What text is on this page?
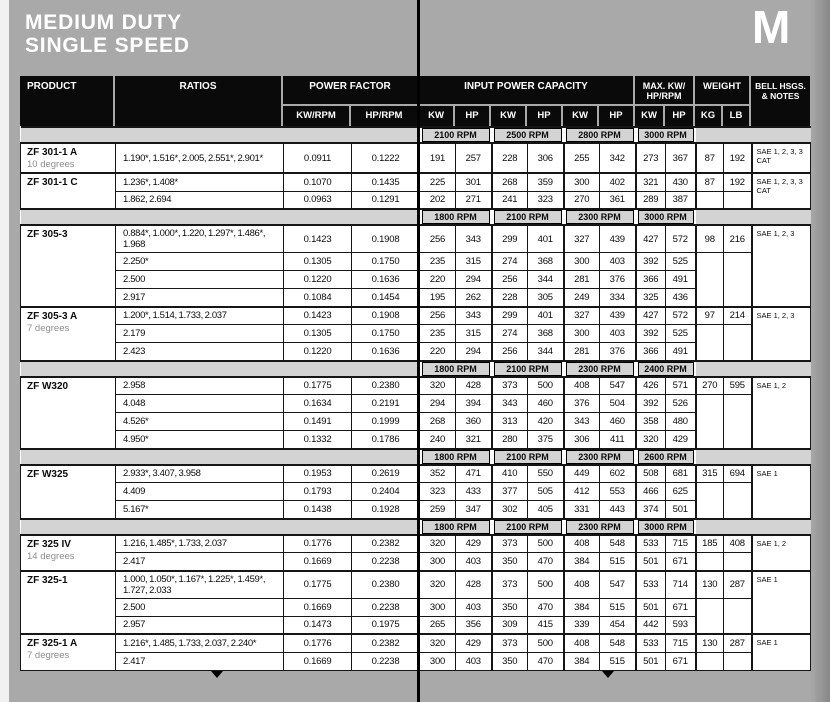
MEDIUM DUTY
SINGLE SPEED	M
PRODUCT	RATIOS	POWER FACTOR	INPUT POWER CAPACITY	MAX. KW/
HP/RPM
WEIGHT	BELL HSGS.
& NOTES
KW/RPM	HP/RPM	KW	HP	KW	HP	KW	HP	KW	HP	KG	LB

				2100 RPM		2500 RPM		2800 RPM		3000 RPM				

ZF 301-1 A
10 degrees	1.190*, 1.516*, 2.005, 2.551*, 2.901*	0.0911	0.1222	191	257	228	306	255	342	273	367	87	192	SAE 1, 2, 3, 3 CAT

ZF 301-1 C	1.236*, 1.408*	0.1070	0.1435	225	301	268	359	300	402	321	430	87	192	SAE 1, 2, 3, 3 CAT
	1.862, 2.694	0.0963	0.1291	202	271	241	323	270	361	289	387			

				1800 RPM		2100 RPM		2300 RPM		3000 RPM				

ZF 305-3	0.884*, 1.000*, 1.220, 1.297*, 1.486*, 1.968	0.1423	0.1908	256	343	299	401	327	439	427	572	98	216	SAE 1, 2, 3
	2.250*	0.1305	0.1750	235	315	274	368	300	403	392	525			
	2.500	0.1220	0.1636	220	294	256	344	281	376	366	491			
	2.917	0.1084	0.1454	195	262	228	305	249	334	325	436			

ZF 305-3 A
7 degrees	1.200*, 1.514, 1.733, 2.037	0.1423	0.1908	256	343	299	401	327	439	427	572	97	214	SAE 1, 2, 3
	2.179	0.1305	0.1750	235	315	274	368	300	403	392	525			
	2.423	0.1220	0.1636	220	294	256	344	281	376	366	491			

				1800 RPM		2100 RPM		2300 RPM		2400 RPM				

ZF W320	2.958	0.1775	0.2380	320	428	373	500	408	547	426	571	270	595	SAE 1, 2
	4.048	0.1634	0.2191	294	394	343	460	376	504	392	526			
	4.526*	0.1491	0.1999	268	360	313	420	343	460	358	480			
	4.950*	0.1332	0.1786	240	321	280	375	306	411	320	429			

				1800 RPM		2100 RPM		2300 RPM		2600 RPM				

ZF W325	2.933*, 3.407, 3.958	0.1953	0.2619	352	471	410	550	449	602	508	681	315	694	SAE 1
	4.409	0.1793	0.2404	323	433	377	505	412	553	466	625			
	5.167*	0.1438	0.1928	259	347	302	405	331	443	374	501			

				1800 RPM		2100 RPM		2300 RPM		3000 RPM				

ZF 325 IV
14 degrees	1.216, 1.485*, 1.733, 2.037	0.1776	0.2382	320	429	373	500	408	548	533	715	185	408	SAE 1, 2
	2.417	0.1669	0.2238	300	403	350	470	384	515	501	671			

ZF 325-1	1.000, 1.050*, 1.167*, 1.225*, 1.459*, 1.727, 2.033	0.1775	0.2380	320	428	373	500	408	547	533	714	130	287	SAE 1
	2.500	0.1669	0.2238	300	403	350	470	384	515	501	671			
	2.957	0.1473	0.1975	265	356	309	415	339	454	442	593			

ZF 325-1 A
7 degrees	1.216*, 1.485, 1.733, 2.037, 2.240*	0.1776	0.2382	320	429	373	500	408	548	533	715	130	287	SAE 1
	2.417	0.1669	0.2238	300	403	350	470	384	515	501	671			
